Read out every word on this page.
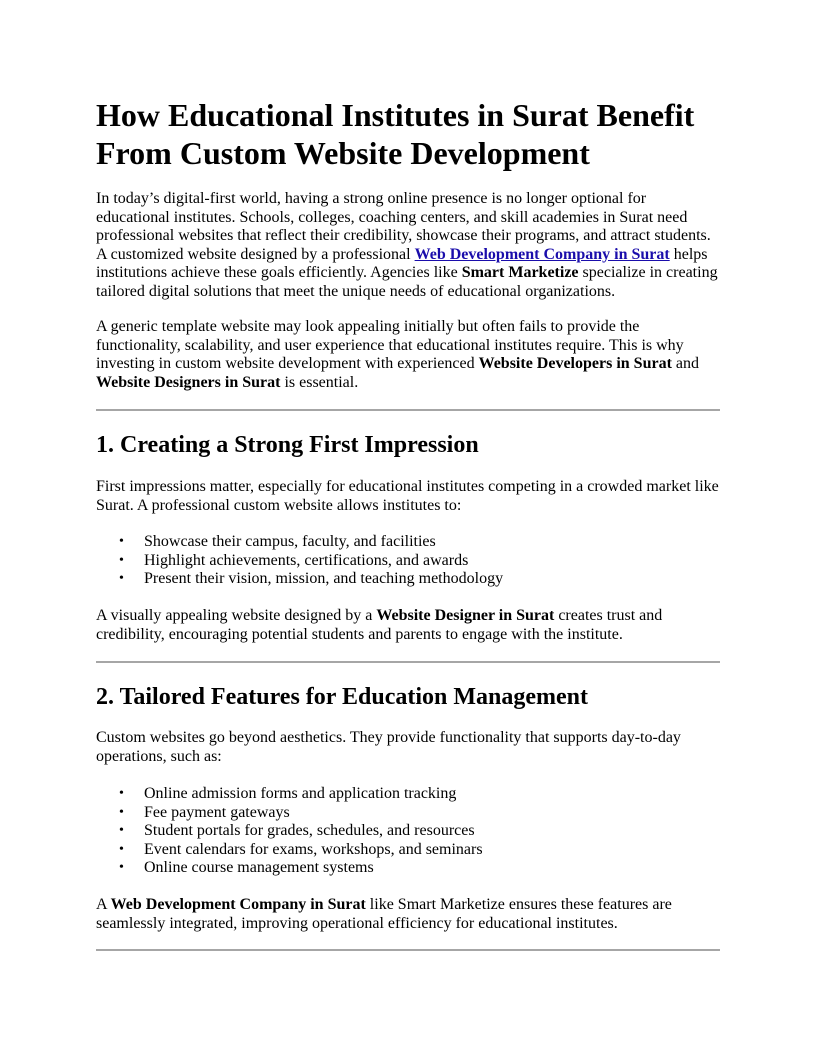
How Educational Institutes in Surat Benefit From Custom Website Development

In today’s digital-first world, having a strong online presence is no longer optional for educational institutes. Schools, colleges, coaching centers, and skill academies in Surat need professional websites that reflect their credibility, showcase their programs, and attract students. A customized website designed by a professional Web Development Company in Surat helps institutions achieve these goals efficiently. Agencies like Smart Marketize specialize in creating tailored digital solutions that meet the unique needs of educational organizations.

A generic template website may look appealing initially but often fails to provide the functionality, scalability, and user experience that educational institutes require. This is why investing in custom website development with experienced Website Developers in Surat and Website Designers in Surat is essential.

1. Creating a Strong First Impression

First impressions matter, especially for educational institutes competing in a crowded market like Surat. A professional custom website allows institutes to:

• Showcase their campus, faculty, and facilities
• Highlight achievements, certifications, and awards
• Present their vision, mission, and teaching methodology

A visually appealing website designed by a Website Designer in Surat creates trust and credibility, encouraging potential students and parents to engage with the institute.

2. Tailored Features for Education Management

Custom websites go beyond aesthetics. They provide functionality that supports day-to-day operations, such as:

• Online admission forms and application tracking
• Fee payment gateways
• Student portals for grades, schedules, and resources
• Event calendars for exams, workshops, and seminars
• Online course management systems

A Web Development Company in Surat like Smart Marketize ensures these features are seamlessly integrated, improving operational efficiency for educational institutes.
